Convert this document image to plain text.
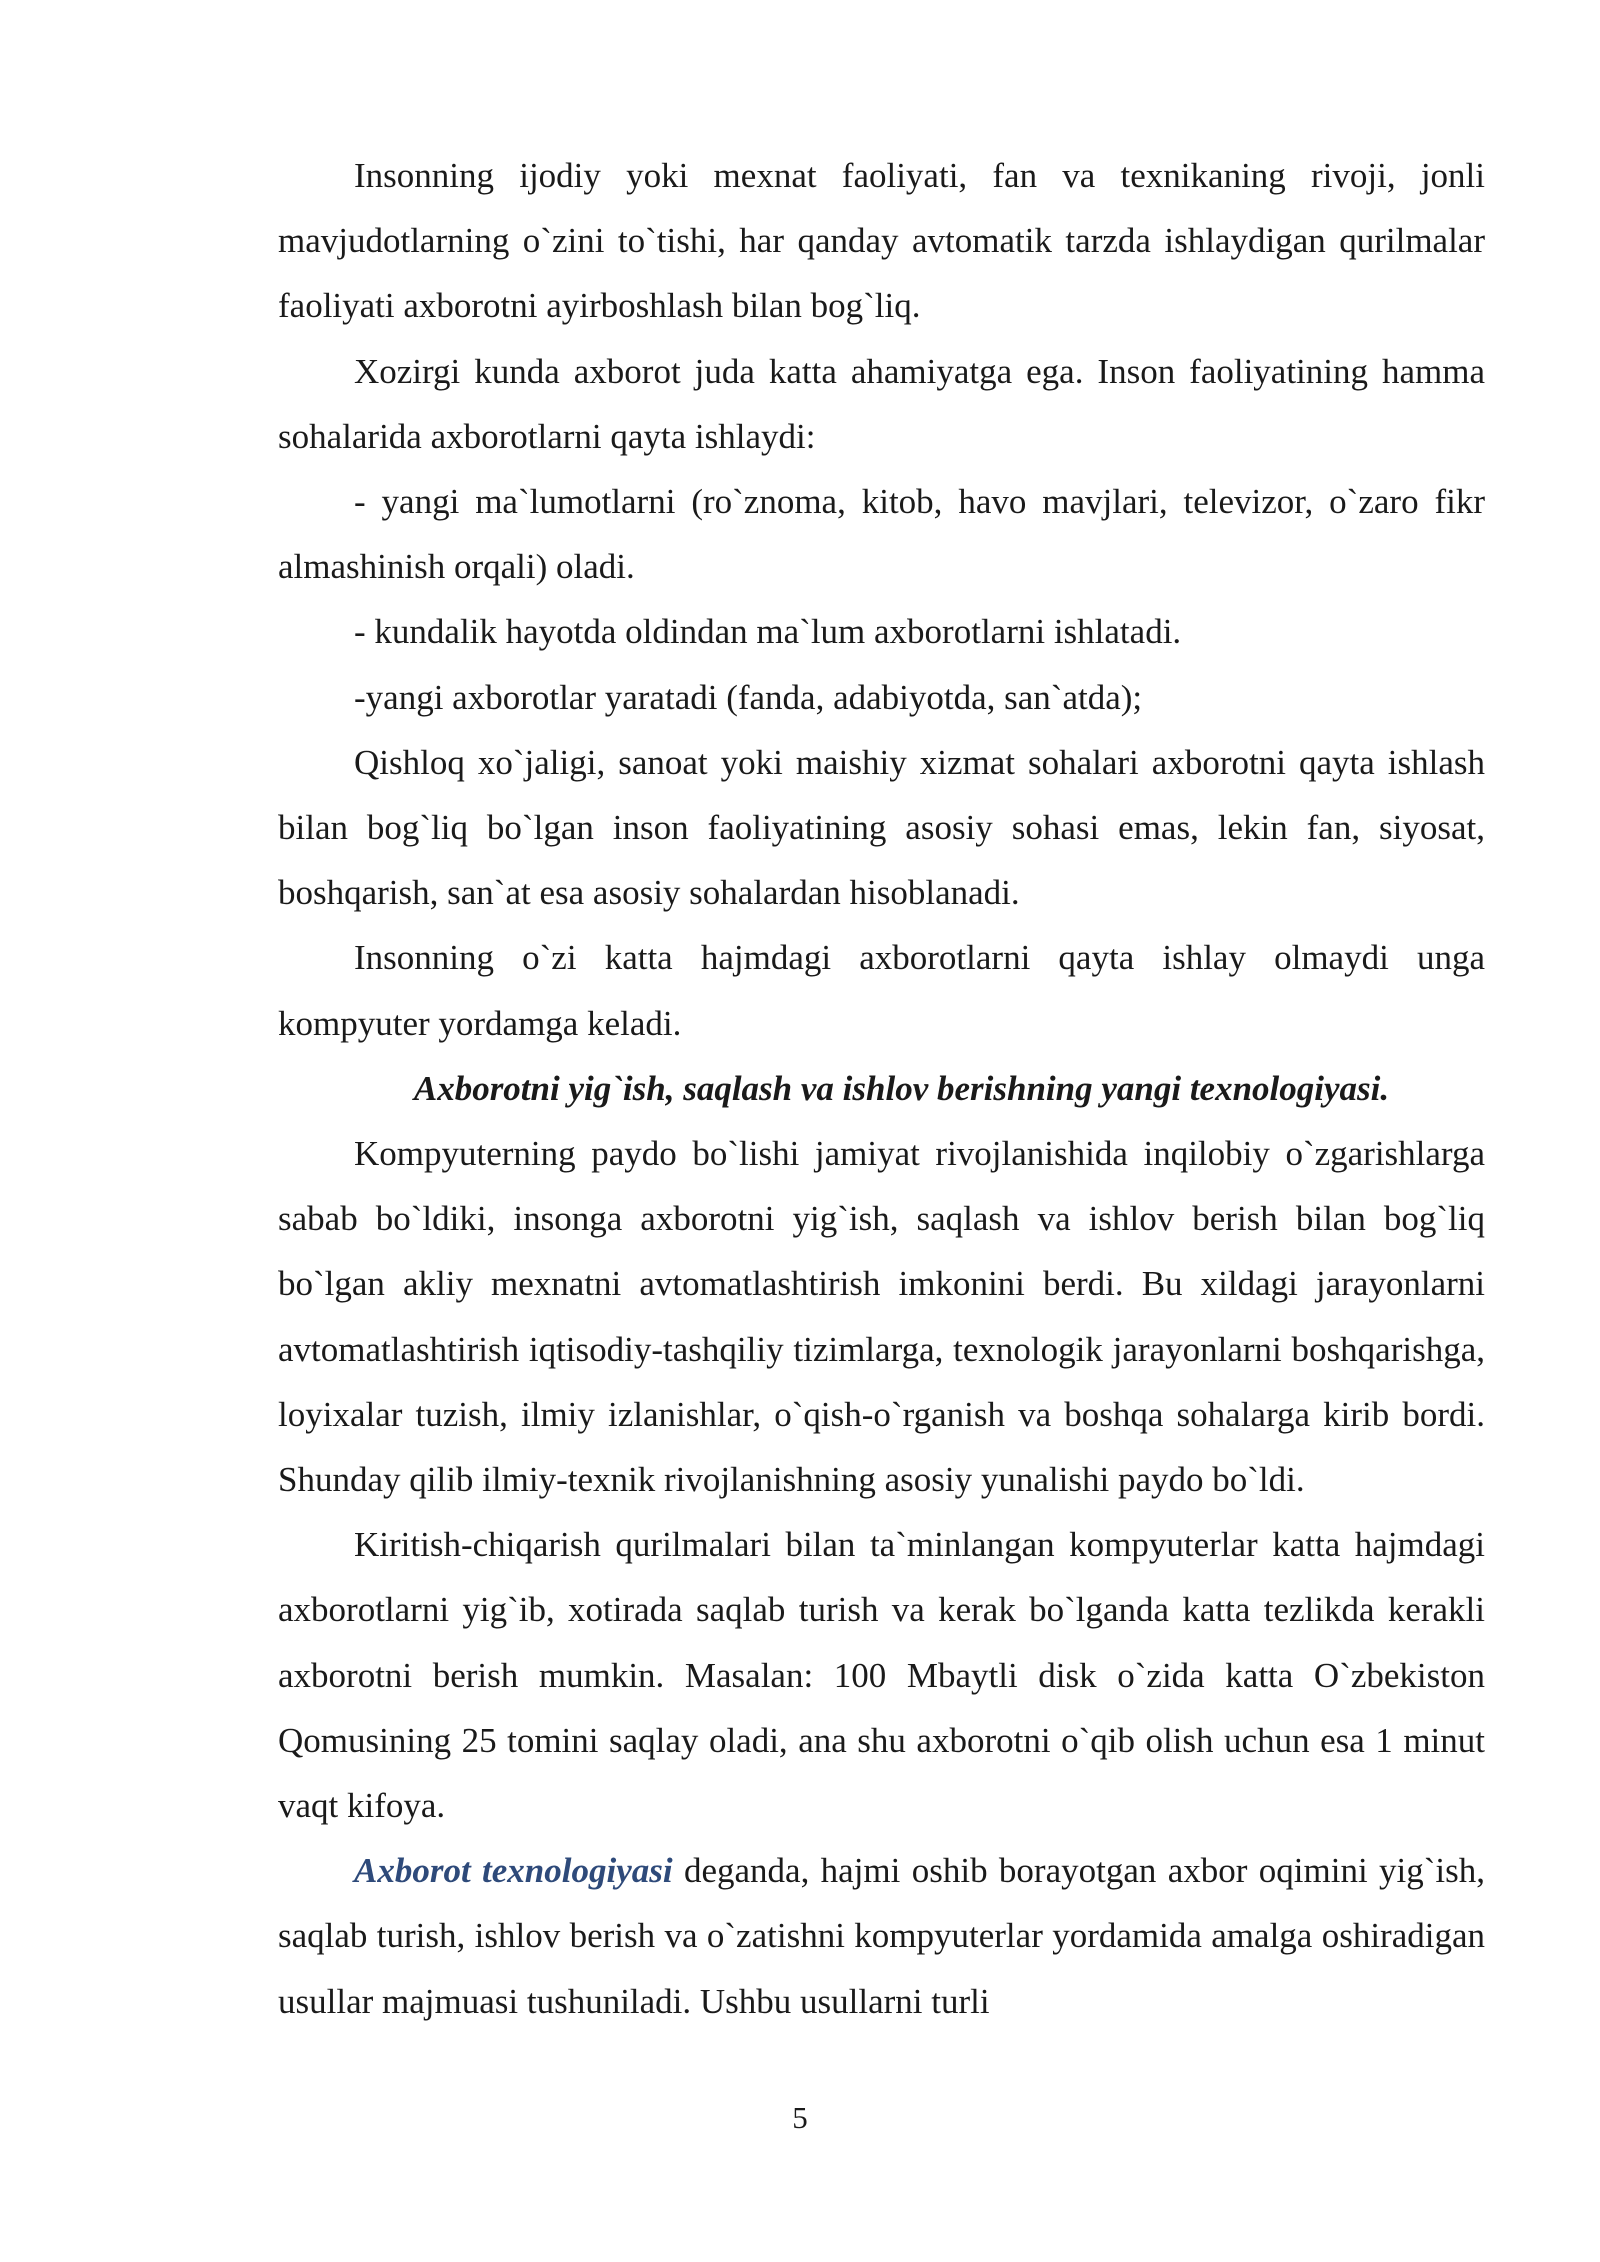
Insonning ijodiy yoki mexnat faoliyati, fan va texnikaning rivoji, jonli mavjudotlarning o`zini to`tishi, har qanday avtomatik tarzda ishlaydigan qurilmalar faoliyati axborotni ayirboshlash bilan bog`liq.

Xozirgi kunda axborot juda katta ahamiyatga ega. Inson faoliyatining hamma sohalarida axborotlarni qayta ishlaydi:

- yangi ma`lumotlarni (ro`znoma, kitob, havo mavjlari, televizor, o`zaro fikr almashinish orqali) oladi.

- kundalik hayotda oldindan ma`lum axborotlarni ishlatadi.

-yangi axborotlar yaratadi (fanda, adabiyotda, san`atda);

Qishloq xo`jaligi, sanoat yoki maishiy xizmat sohalari axborotni qayta ishlash bilan bog`liq bo`lgan inson faoliyatining asosiy sohasi emas, lekin fan, siyosat, boshqarish, san`at esa asosiy sohalardan hisoblanadi.

Insonning o`zi katta hajmdagi axborotlarni qayta ishlay olmaydi unga kompyuter yordamga keladi.

Axborotni yig`ish, saqlash va ishlov berishning yangi texnologiyasi.

Kompyuterning paydo bo`lishi jamiyat rivojlanishida inqilobiy o`zgarishlarga sabab bo`ldiki, insonga axborotni yig`ish, saqlash va ishlov berish bilan bog`liq bo`lgan akliy mexnatni avtomatlashtirish imkonini berdi. Bu xildagi jarayonlarni avtomatlashtirish iqtisodiy-tashqiliy tizimlarga, texnologik jarayonlarni boshqarishga, loyixalar tuzish, ilmiy izlanishlar, o`qish-o`rganish va boshqa sohalarga kirib bordi. Shunday qilib ilmiy-texnik rivojlanishning asosiy yunalishi paydo bo`ldi.

Kiritish-chiqarish qurilmalari bilan ta`minlangan kompyuterlar katta hajmdagi axborotlarni yig`ib, xotirada saqlab turish va kerak bo`lganda katta tezlikda kerakli axborotni berish mumkin. Masalan: 100 Mbaytli disk o`zida katta O`zbekiston Qomusining 25 tomini saqlay oladi, ana shu axborotni o`qib olish uchun esa 1 minut vaqt kifoya.

Axborot texnologiyasi deganda, hajmi oshib borayotgan axbor oqimini yig`ish, saqlab turish, ishlov berish va o`zatishni kompyuterlar yordamida amalga oshiradigan usullar majmuasi tushuniladi. Ushbu usullarni turli

5
